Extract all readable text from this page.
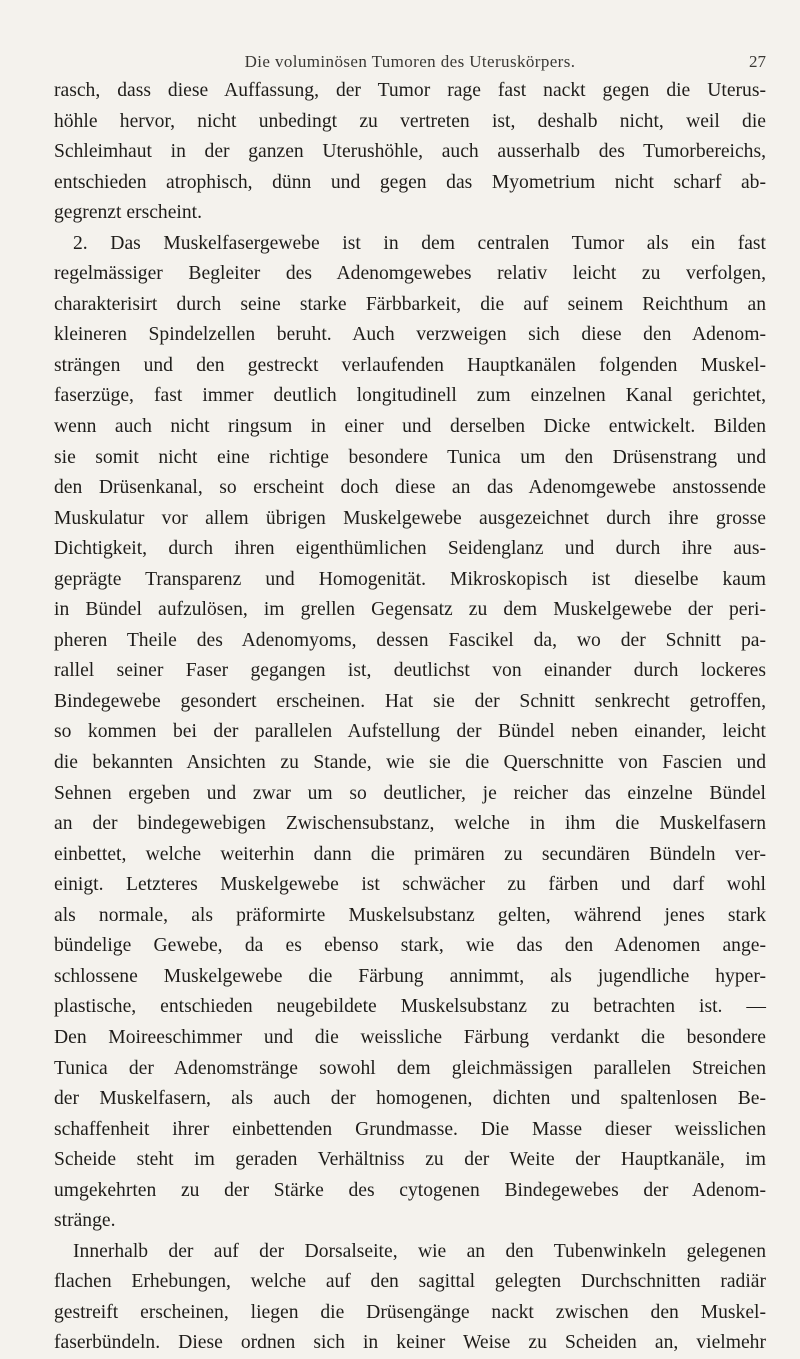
Die voluminösen Tumoren des Uteruskörpers.	27
rasch, dass diese Auffassung, der Tumor rage fast nackt gegen die Uterus-
höhle hervor, nicht unbedingt zu vertreten ist, deshalb nicht, weil die
Schleimhaut in der ganzen Uterushöhle, auch ausserhalb des Tumorbereichs,
entschieden atrophisch, dünn und gegen das Myometrium nicht scharf ab-
gegrenzt erscheint.
2. Das Muskelfasergewebe ist in dem centralen Tumor als ein fast
regelmässiger Begleiter des Adenomgewebes relativ leicht zu verfolgen,
charakterisirt durch seine starke Färbbarkeit, die auf seinem Reichthum an
kleineren Spindelzellen beruht. Auch verzweigen sich diese den Adenom-
strängen und den gestreckt verlaufenden Hauptkanälen folgenden Muskel-
faserzüge, fast immer deutlich longitudinell zum einzelnen Kanal gerichtet,
wenn auch nicht ringsum in einer und derselben Dicke entwickelt. Bilden
sie somit nicht eine richtige besondere Tunica um den Drüsenstrang und
den Drüsenkanal, so erscheint doch diese an das Adenomgewebe anstossende
Muskulatur vor allem übrigen Muskelgewebe ausgezeichnet durch ihre grosse
Dichtigkeit, durch ihren eigenthümlichen Seidenglanz und durch ihre aus-
geprägte Transparenz und Homogenität. Mikroskopisch ist dieselbe kaum
in Bündel aufzulösen, im grellen Gegensatz zu dem Muskelgewebe der peri-
pheren Theile des Adenomyoms, dessen Fascikel da, wo der Schnitt pa-
rallel seiner Faser gegangen ist, deutlichst von einander durch lockeres
Bindegewebe gesondert erscheinen. Hat sie der Schnitt senkrecht getroffen,
so kommen bei der parallelen Aufstellung der Bündel neben einander, leicht
die bekannten Ansichten zu Stande, wie sie die Querschnitte von Fascien und
Sehnen ergeben und zwar um so deutlicher, je reicher das einzelne Bündel
an der bindegewebigen Zwischensubstanz, welche in ihm die Muskelfasern
einbettet, welche weiterhin dann die primären zu secundären Bündeln ver-
einigt. Letzteres Muskelgewebe ist schwächer zu färben und darf wohl
als normale, als präformirte Muskelsubstanz gelten, während jenes stark
bündelige Gewebe, da es ebenso stark, wie das den Adenomen ange-
schlossene Muskelgewebe die Färbung annimmt, als jugendliche hyper-
plastische, entschieden neugebildete Muskelsubstanz zu betrachten ist. —
Den Moireeschimmer und die weissliche Färbung verdankt die besondere
Tunica der Adenomstränge sowohl dem gleichmässigen parallelen Streichen
der Muskelfasern, als auch der homogenen, dichten und spaltenlosen Be-
schaffenheit ihrer einbettenden Grundmasse. Die Masse dieser weisslichen
Scheide steht im geraden Verhältniss zu der Weite der Hauptkanäle, im
umgekehrten zu der Stärke des cytogenen Bindegewebes der Adenom-
stränge.
Innerhalb der auf der Dorsalseite, wie an den Tubenwinkeln gelegenen
flachen Erhebungen, welche auf den sagittal gelegten Durchschnitten radiär
gestreift erscheinen, liegen die Drüsengänge nackt zwischen den Muskel-
faserbündeln. Diese ordnen sich in keiner Weise zu Scheiden an, vielmehr
